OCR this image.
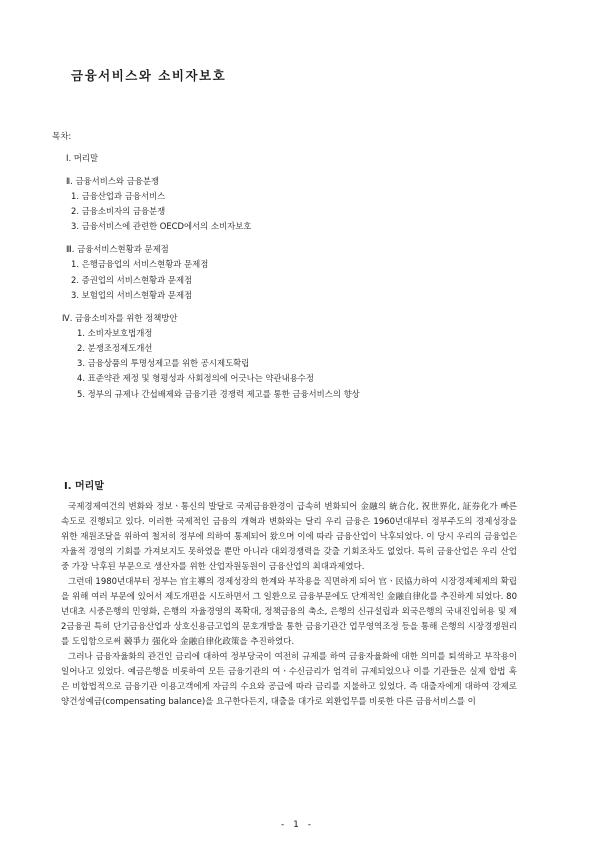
금융서비스와 소비자보호
목차:
Ⅰ. 머리말
Ⅱ. 금융서비스와 금융분쟁
1. 금융산업과 금융서비스
2. 금융소비자의 금융분쟁
3. 금융서비스에 관련한 OECD에서의 소비자보호
Ⅲ. 금융서비스현황과 문제점
1. 은행금융업의 서비스현황과 문제점
2. 증권업의 서비스현황과 문제점
3. 보험업의 서비스현황과 문제점
Ⅳ. 금융소비자를 위한 정책방안
1. 소비자보호법개정
2. 분쟁조정제도개선
3. 금융상품의 투명성제고를 위한 공시제도확립
4. 표준약관 제정 및 형평성과 사회정의에 어긋나는 약관내용수정
5. 정부의 규제나 간섭배제와 금융기관 경쟁력 제고를 통한 금융서비스의 향상
Ⅰ. 머리말

국제경제여건의 변화와 정보ㆍ통신의 발달로 국제금융환경이 급속히 변화되어 金融의 統合化, 祝世界化, 証券化가 빠른 속도로 진행되고 있다. 이러한 국제적인 금융의 개혁과 변화와는 달리 우리 금융은 1960년대부터 정부주도의 경제성장을 위한 재원조달을 위하여 철저히 정부에 의하여 통제되어 왔으며 이에 따라 금융산업이 낙후되었다. 이 당시 우리의 금융업은 자율적 경영의 기회를 가져보지도 못하였을 뿐만 아니라 대외경쟁력을 갖출 기회조차도 없었다. 특히 금융산업은 우리 산업중 가장 낙후된 부문으로 생산자를 위한 산업자원동원이 금융산업의 최대과제였다.

그런데 1980년대부터 정부는 官主導의 경제성장의 한계와 부작용을 직면하게 되어 官ㆍ民協力하여 시장경제체제의 확립을 위해 여러 부문에 있어서 제도개편을 시도하면서 그 일환으로 금융부문에도 단계적인 金融自律化를 추진하게 되었다. 80년대초 시중은행의 민영화, 은행의 자율경영의 폭확대, 정책금융의 축소, 은행의 신규설립과 외국은행의 국내진입허용 및 제2금융권 특히 단기금융산업과 상호신용금고업의 문호개방을 통한 금융기관간 업무영역조정 등을 통해 은행의 시장경쟁원리를 도입함으로써 競爭力 强化와 金融自律化政策을 추진하였다.

그러나 금융자율화의 관건인 금리에 대하여 정부당국이 여전히 규제를 하여 금융자율화에 대한 의미를 퇴색하고 부작용이 일어나고 있었다. 예금은행을 비롯하여 모든 금융기관의 여ㆍ수신금리가 엄격히 규제되었으나 이를 기관들은 실제 합법 혹은 비합법적으로 금융기관 이용고객에게 자금의 수요와 공급에 따라 금리를 지불하고 있었다. 즉 대출자에게 대하여 강제로 양건성예금(compensating balance)을 요구한다든지, 대출을 대가로 외환업무를 비롯한 다른 금융서비스를 이

- 1 -
